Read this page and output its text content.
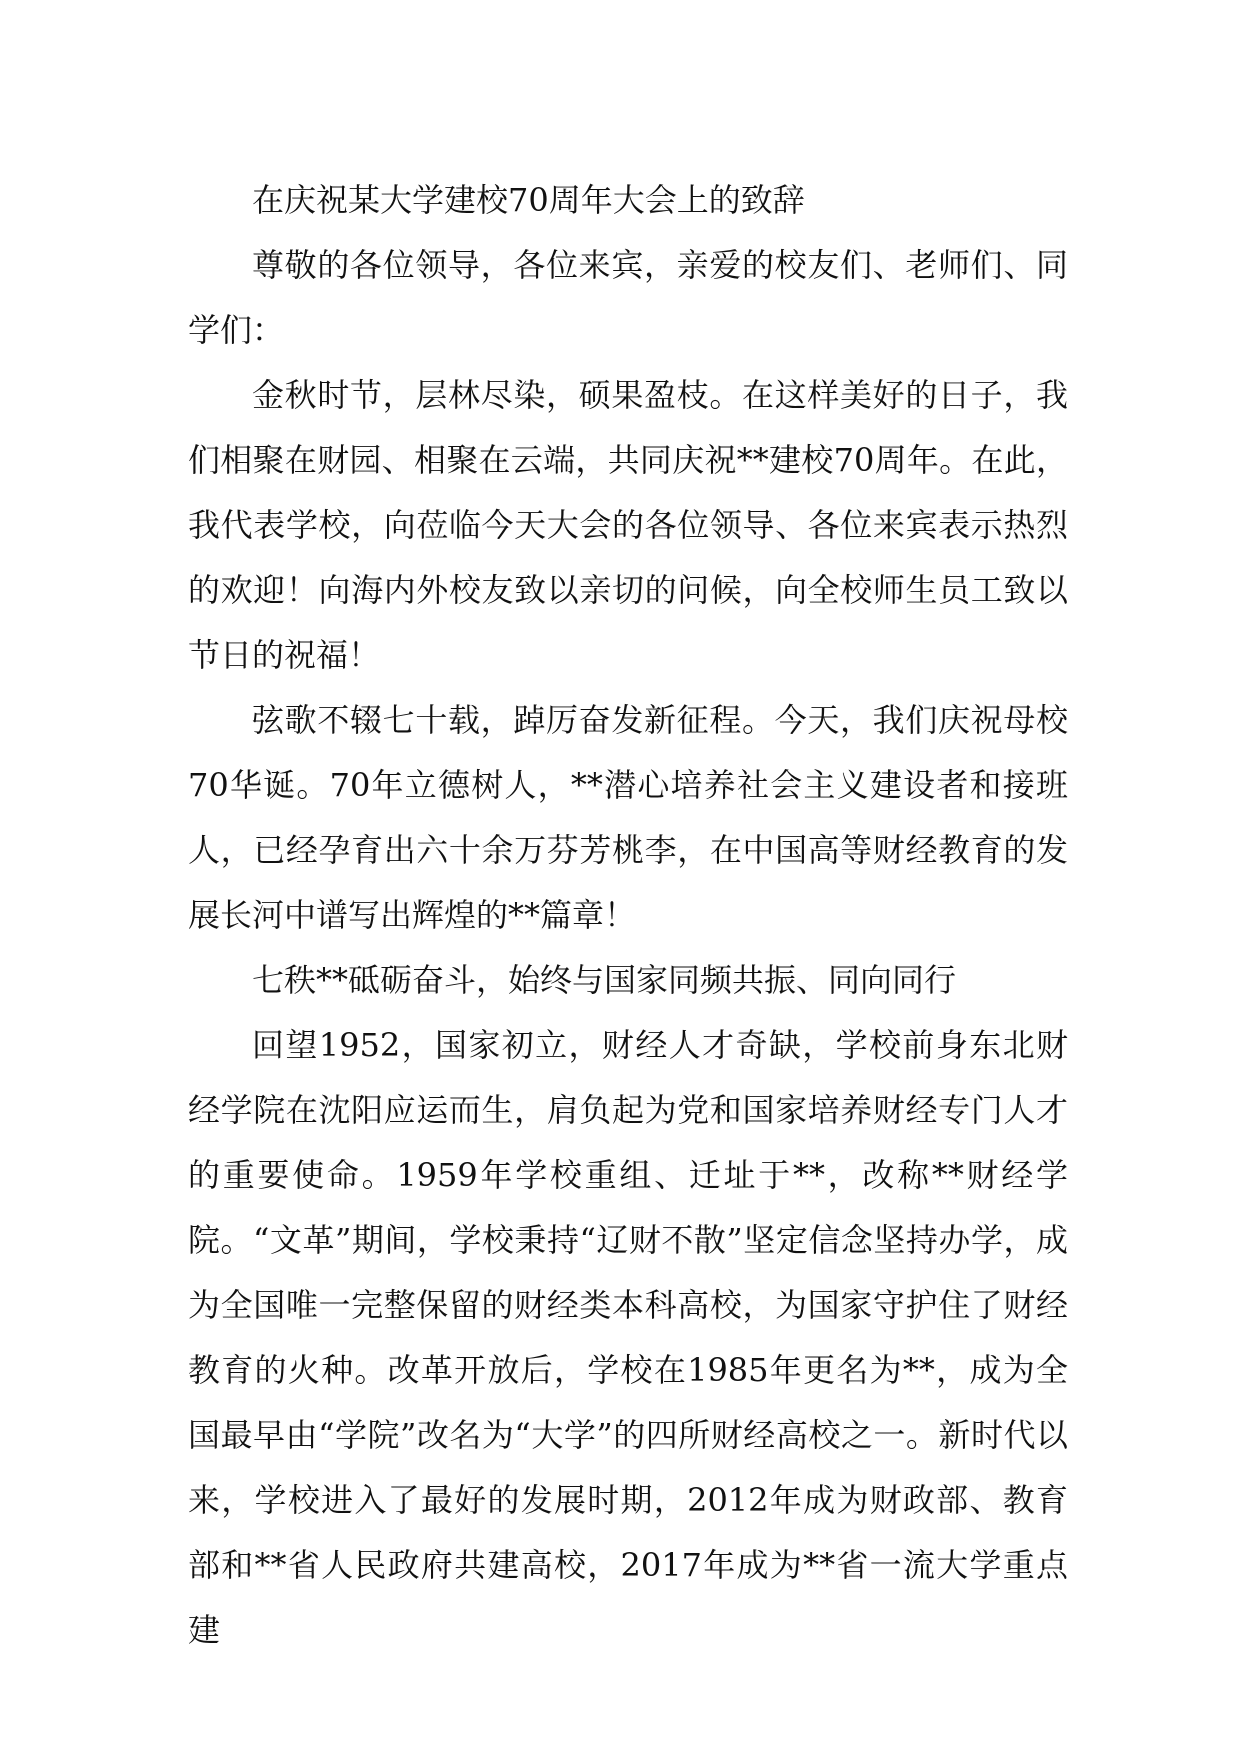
在庆祝某大学建校70周年大会上的致辞

尊敬的各位领导，各位来宾，亲爱的校友们、老师们、同学们：

金秋时节，层林尽染，硕果盈枝。在这样美好的日子，我们相聚在财园、相聚在云端，共同庆祝**建校70周年。在此，我代表学校，向莅临今天大会的各位领导、各位来宾表示热烈的欢迎！向海内外校友致以亲切的问候，向全校师生员工致以节日的祝福！

弦歌不辍七十载，踔厉奋发新征程。今天，我们庆祝母校70华诞。70年立德树人，**潜心培养社会主义建设者和接班人，已经孕育出六十余万芬芳桃李，在中国高等财经教育的发展长河中谱写出辉煌的**篇章！

七秩**砥砺奋斗，始终与国家同频共振、同向同行

回望1952，国家初立，财经人才奇缺，学校前身东北财经学院在沈阳应运而生，肩负起为党和国家培养财经专门人才的重要使命。1959年学校重组、迁址于**，改称**财经学院。“文革”期间，学校秉持“辽财不散”坚定信念坚持办学，成为全国唯一完整保留的财经类本科高校，为国家守护住了财经教育的火种。改革开放后，学校在1985年更名为**，成为全国最早由“学院”改名为“大学”的四所财经高校之一。新时代以来，学校进入了最好的发展时期，2012年成为财政部、教育部和**省人民政府共建高校，2017年成为**省一流大学重点建
